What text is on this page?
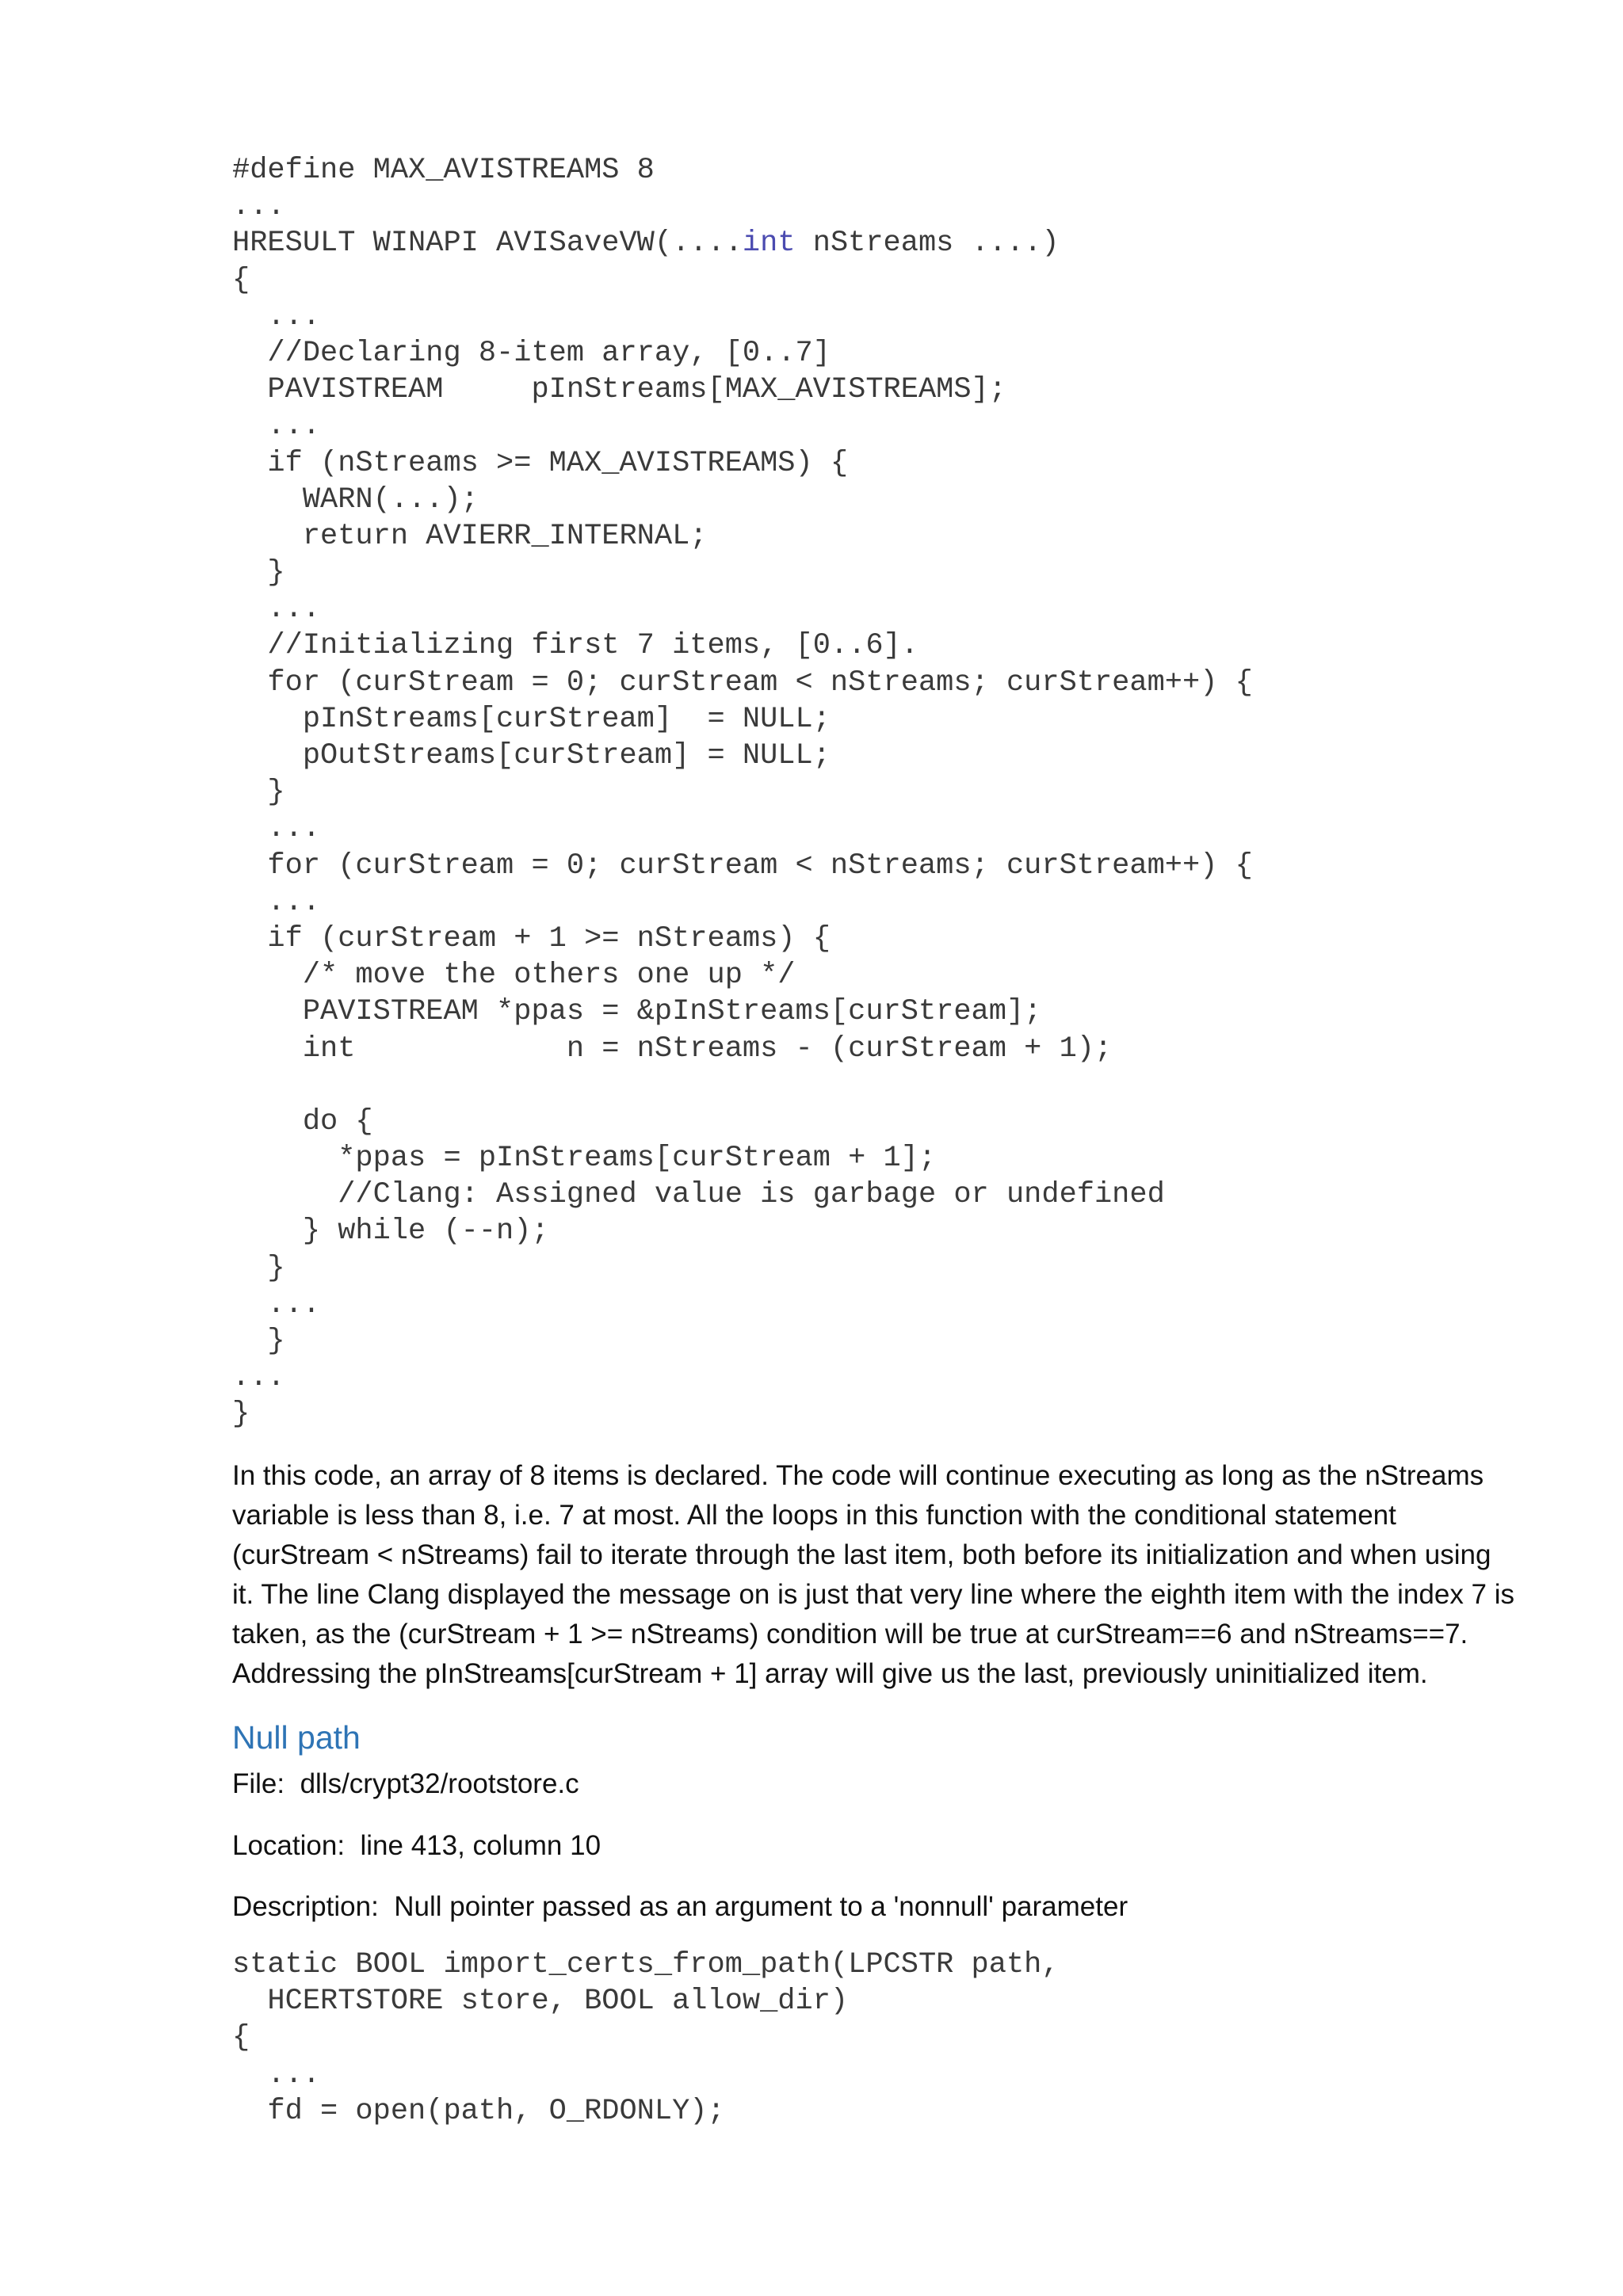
#define MAX_AVISTREAMS 8
...
HRESULT WINAPI AVISaveVW(....int nStreams ....)
{
...
//Declaring 8-item array, [0..7]
PAVISTREAM     pInStreams[MAX_AVISTREAMS];
...
if (nStreams >= MAX_AVISTREAMS) {
WARN(...);
return AVIERR_INTERNAL;
}
...
//Initializing first 7 items, [0..6].
for (curStream = 0; curStream < nStreams; curStream++) {
pInStreams[curStream]  = NULL;
pOutStreams[curStream] = NULL;
}
...
for (curStream = 0; curStream < nStreams; curStream++) {
...
if (curStream + 1 >= nStreams) {
/* move the others one up */
PAVISTREAM *ppas = &pInStreams[curStream];
int            n = nStreams - (curStream + 1);
do {
*ppas = pInStreams[curStream + 1];
//Clang: Assigned value is garbage or undefined
} while (--n);
}
...
}
...
}
In this code, an array of 8 items is declared. The code will continue executing as long as the nStreams
variable is less than 8, i.e. 7 at most. All the loops in this function with the conditional statement
(curStream < nStreams) fail to iterate through the last item, both before its initialization and when using
it. The line Clang displayed the message on is just that very line where the eighth item with the index 7 is
taken, as the (curStream + 1 >= nStreams) condition will be true at curStream==6 and nStreams==7.
Addressing the pInStreams[curStream + 1] array will give us the last, previously uninitialized item.
Null path
File:  dlls/crypt32/rootstore.c
Location:  line 413, column 10
Description:  Null pointer passed as an argument to a 'nonnull' parameter
static BOOL import_certs_from_path(LPCSTR path,
HCERTSTORE store, BOOL allow_dir)
{
...
fd = open(path, O_RDONLY);
